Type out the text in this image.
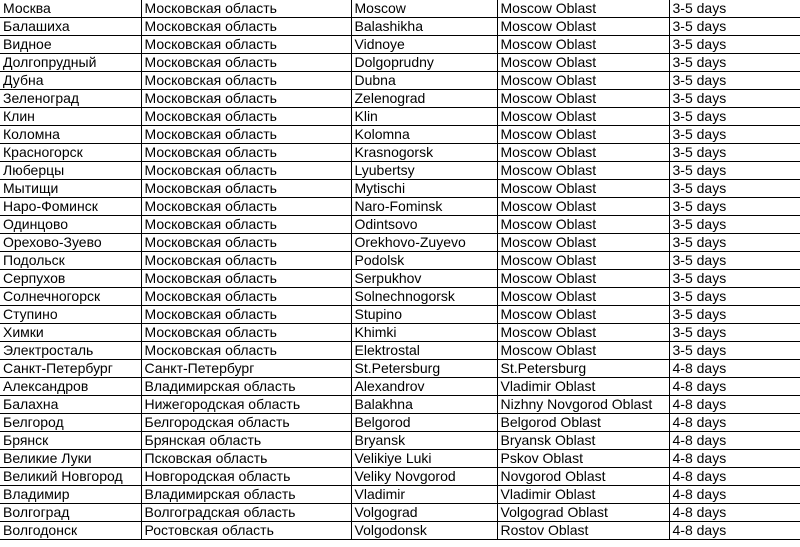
Москва	Московская область	Moscow	Moscow Oblast	3-5 days
Балашиха	Московская область	Balashikha	Moscow Oblast	3-5 days
Видное	Московская область	Vidnoye	Moscow Oblast	3-5 days
Долгопрудный	Московская область	Dolgoprudny	Moscow Oblast	3-5 days
Дубна	Московская область	Dubna	Moscow Oblast	3-5 days
Зеленоград	Московская область	Zelenograd	Moscow Oblast	3-5 days
Клин	Московская область	Klin	Moscow Oblast	3-5 days
Коломна	Московская область	Kolomna	Moscow Oblast	3-5 days
Красногорск	Московская область	Krasnogorsk	Moscow Oblast	3-5 days
Люберцы	Московская область	Lyubertsy	Moscow Oblast	3-5 days
Мытищи	Московская область	Mytischi	Moscow Oblast	3-5 days
Наро-Фоминск	Московская область	Naro-Fominsk	Moscow Oblast	3-5 days
Одинцово	Московская область	Odintsovo	Moscow Oblast	3-5 days
Орехово-Зуево	Московская область	Orekhovo-Zuyevo	Moscow Oblast	3-5 days
Подольск	Московская область	Podolsk	Moscow Oblast	3-5 days
Серпухов	Московская область	Serpukhov	Moscow Oblast	3-5 days
Солнечногорск	Московская область	Solnechnogorsk	Moscow Oblast	3-5 days
Ступино	Московская область	Stupino	Moscow Oblast	3-5 days
Химки	Московская область	Khimki	Moscow Oblast	3-5 days
Электросталь	Московская область	Elektrostal	Moscow Oblast	3-5 days
Санкт-Петербург	Санкт-Петербург	St.Petersburg	St.Petersburg	4-8 days
Александров	Владимирская область	Alexandrov	Vladimir Oblast	4-8 days
Балахна	Нижегородская область	Balakhna	Nizhny Novgorod Oblast	4-8 days
Белгород	Белгородская область	Belgorod	Belgorod Oblast	4-8 days
Брянск	Брянская область	Bryansk	Bryansk Oblast	4-8 days
Великие Луки	Псковская область	Velikiye Luki	Pskov Oblast	4-8 days
Великий Новгород	Новгородская область	Veliky Novgorod	Novgorod Oblast	4-8 days
Владимир	Владимирская область	Vladimir	Vladimir Oblast	4-8 days
Волгоград	Волгоградская область	Volgograd	Volgograd Oblast	4-8 days
Волгодонск	Ростовская область	Volgodonsk	Rostov Oblast	4-8 days
